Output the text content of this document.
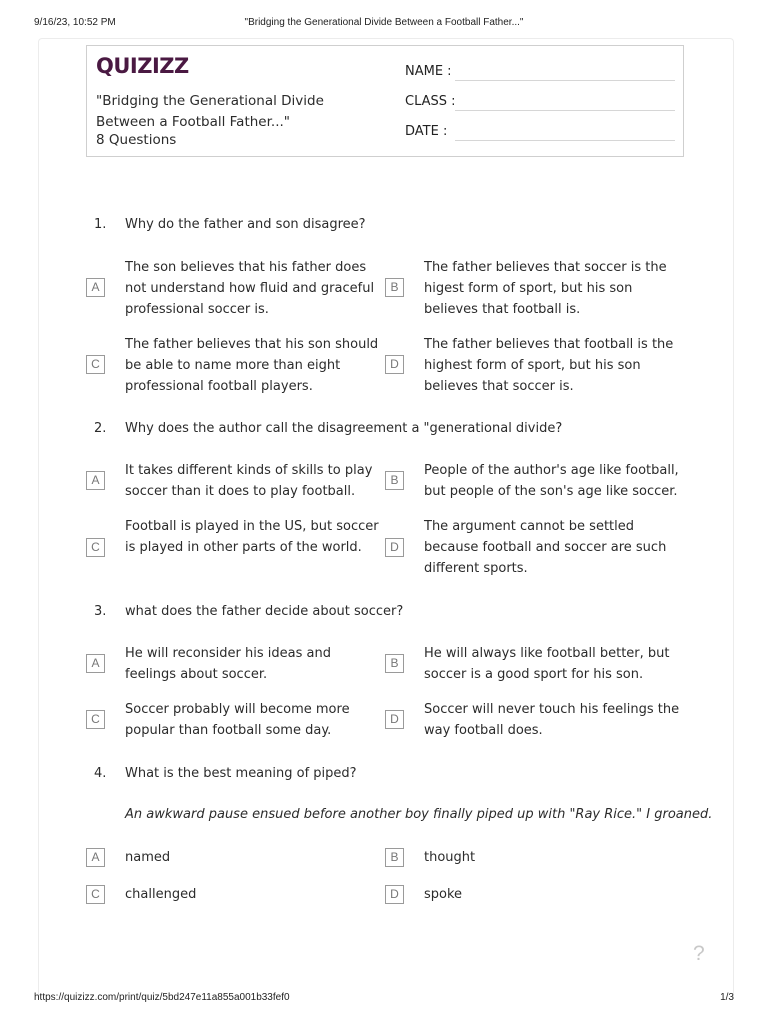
9/16/23, 10:52 PM	"Bridging the Generational Divide Between a Football Father..."
QUIZIZZ
"Bridging the Generational Divide Between a Football Father..."
8 Questions
NAME :
CLASS :
DATE :
1. Why do the father and son disagree?
A
The son believes that his father does not understand how fluid and graceful professional soccer is.
B
The father believes that soccer is the higest form of sport, but his son believes that football is.
C
The father believes that his son should be able to name more than eight professional football players.
D
The father believes that football is the highest form of sport, but his son believes that soccer is.
2. Why does the author call the disagreement a "generational divide?
A
It takes different kinds of skills to play soccer than it does to play football.
B
People of the author's age like football, but people of the son's age like soccer.
C
Football is played in the US, but soccer is played in other parts of the world.	D
The argument cannot be settled because football and soccer are such different sports.
3. what does the father decide about soccer?
A
He will reconsider his ideas and feelings about soccer.
B
He will always like football better, but soccer is a good sport for his son.
C
Soccer probably will become more popular than football some day.
D
Soccer will never touch his feelings the way football does.
4. What is the best meaning of piped?
An awkward pause ensued before another boy finally piped up with "Ray Rice." I groaned.
A	named	B	thought
C	challenged	D	spoke
?
https://quizizz.com/print/quiz/5bd247e11a855a001b33fef0	1/3
